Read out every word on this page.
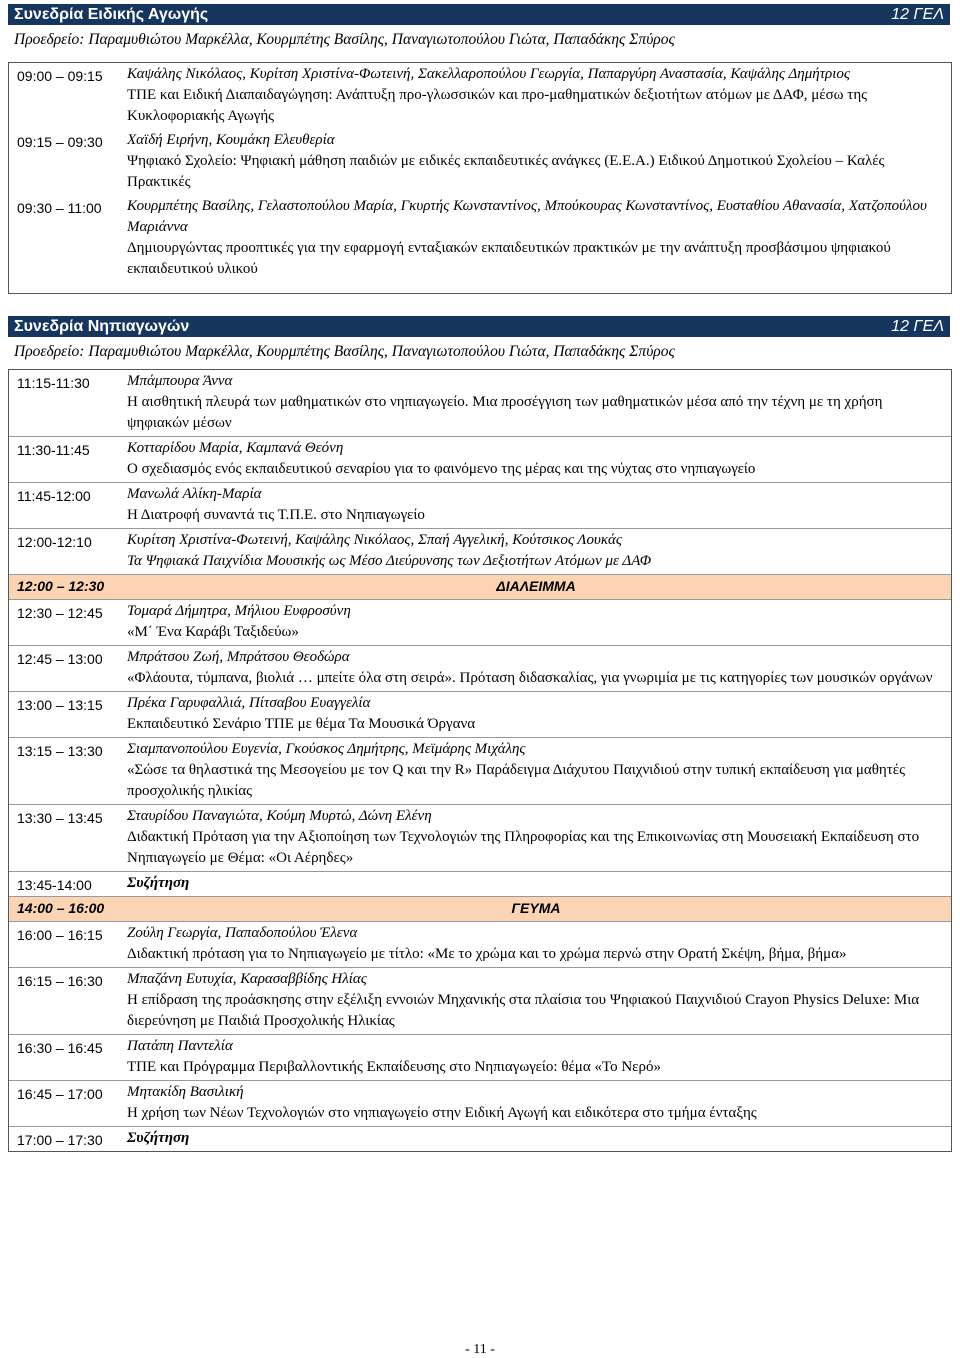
Συνεδρία Ειδικής Αγωγής	12 ΓΕΛ
Προεδρείο: Παραμυθιώτου Μαρκέλλα, Κουρμπέτης Βασίλης, Παναγιωτοπούλου Γιώτα, Παπαδάκης Σπύρος
09:00 – 09:15	Καψάλης Νικόλαος, Κυρίτση Χριστίνα-Φωτεινή, Σακελλαροπούλου Γεωργία, Παπαργύρη Αναστασία, Καψάλης Δημήτριος
ΤΠΕ και Ειδική Διαπαιδαγώγηση: Ανάπτυξη προ-γλωσσικών και προ-μαθηματικών δεξιοτήτων ατόμων με ΔΑΦ, μέσω της Κυκλοφοριακής Αγωγής
09:15 – 09:30	Χαϊδή Ειρήνη, Κουμάκη Ελευθερία
Ψηφιακό Σχολείο: Ψηφιακή μάθηση παιδιών με ειδικές εκπαιδευτικές ανάγκες (Ε.Ε.Α.) Ειδικού Δημοτικού Σχολείου – Καλές Πρακτικές
09:30 – 11:00	Κουρμπέτης Βασίλης, Γελαστοπούλου Μαρία, Γκυρτής Κωνσταντίνος, Μπούκουρας Κωνσταντίνος, Ευσταθίου Αθανασία, Χατζοπούλου Μαριάννα
Δημιουργώντας προοπτικές για την εφαρμογή ενταξιακών εκπαιδευτικών πρακτικών με την ανάπτυξη προσβάσιμου ψηφιακού εκπαιδευτικού υλικού
Συνεδρία Νηπιαγωγών	12 ΓΕΛ
Προεδρείο: Παραμυθιώτου Μαρκέλλα, Κουρμπέτης Βασίλης, Παναγιωτοπούλου Γιώτα, Παπαδάκης Σπύρος
11:15-11:30	Μπάμπουρα Άννα
Η αισθητική πλευρά των μαθηματικών στο νηπιαγωγείο. Μια προσέγγιση των μαθηματικών μέσα από την τέχνη με τη χρήση ψηφιακών μέσων
11:30-11:45	Κοτταρίδου Μαρία, Καμπανά Θεόνη
Ο σχεδιασμός ενός εκπαιδευτικού σεναρίου για το φαινόμενο της μέρας και της νύχτας στο νηπιαγωγείο
11:45-12:00	Μανωλά Αλίκη-Μαρία
Η Διατροφή συναντά τις Τ.Π.Ε. στο Νηπιαγωγείο
12:00-12:10	Κυρίτση Χριστίνα-Φωτεινή, Καψάλης Νικόλαος, Σπαή Αγγελική, Κούτσικος Λουκάς
Τα Ψηφιακά Παιχνίδια Μουσικής ως Μέσο Διεύρυνσης των Δεξιοτήτων Ατόμων με ΔΑΦ
12:00 – 12:30	ΔΙΑΛΕΙΜΜΑ
12:30 – 12:45	Τομαρά Δήμητρα, Μήλιου Ευφροσύνη
«Μ΄ Ένα Καράβι Ταξιδεύω»
12:45 – 13:00	Μπράτσου Ζωή, Μπράτσου Θεοδώρα
«Φλάουτα, τύμπανα, βιολιά … μπείτε όλα στη σειρά». Πρόταση διδασκαλίας, για γνωριμία με τις κατηγορίες των μουσικών οργάνων
13:00 – 13:15	Πρέκα Γαρυφαλλιά, Πίτσαβου Ευαγγελία
Εκπαιδευτικό Σενάριο ΤΠΕ με θέμα Τα Μουσικά Όργανα
13:15 – 13:30	Σιαμπανοπούλου Ευγενία, Γκούσκος Δημήτρης, Μεϊμάρης Μιχάλης
«Σώσε τα θηλαστικά της Μεσογείου με τον Q και την R» Παράδειγμα Διάχυτου Παιχνιδιού στην τυπική εκπαίδευση για μαθητές προσχολικής ηλικίας
13:30 – 13:45	Σταυρίδου Παναγιώτα, Κούμη Μυρτώ, Δώνη Ελένη
Διδακτική Πρόταση για την Αξιοποίηση των Τεχνολογιών της Πληροφορίας και της Επικοινωνίας στη Μουσειακή Εκπαίδευση στο Νηπιαγωγείο με Θέμα: «Οι Αέρηδες»
13:45-14:00	Συζήτηση
14:00 – 16:00	ΓΕΥΜΑ
16:00 – 16:15	Ζούλη Γεωργία, Παπαδοπούλου Έλενα
Διδακτική πρόταση για το Νηπιαγωγείο με τίτλο: «Με το χρώμα και το χρώμα περνώ στην Ορατή Σκέψη, βήμα, βήμα»
16:15 – 16:30	Μπαζάνη Ευτυχία, Καρασαββίδης Ηλίας
Η επίδραση της προάσκησης στην εξέλιξη εννοιών Μηχανικής στα πλαίσια του Ψηφιακού Παιχνιδιού Crayon Physics Deluxe: Μια διερεύνηση με Παιδιά Προσχολικής Ηλικίας
16:30 – 16:45	Πατάπη Παντελία
ΤΠΕ και Πρόγραμμα Περιβαλλοντικής Εκπαίδευσης στο Νηπιαγωγείο: θέμα «Το Νερό»
16:45 – 17:00	Μητακίδη Βασιλική
Η χρήση των Νέων Τεχνολογιών στο νηπιαγωγείο στην Ειδική Αγωγή και ειδικότερα στο τμήμα ένταξης
17:00 – 17:30	Συζήτηση
- 11 -
